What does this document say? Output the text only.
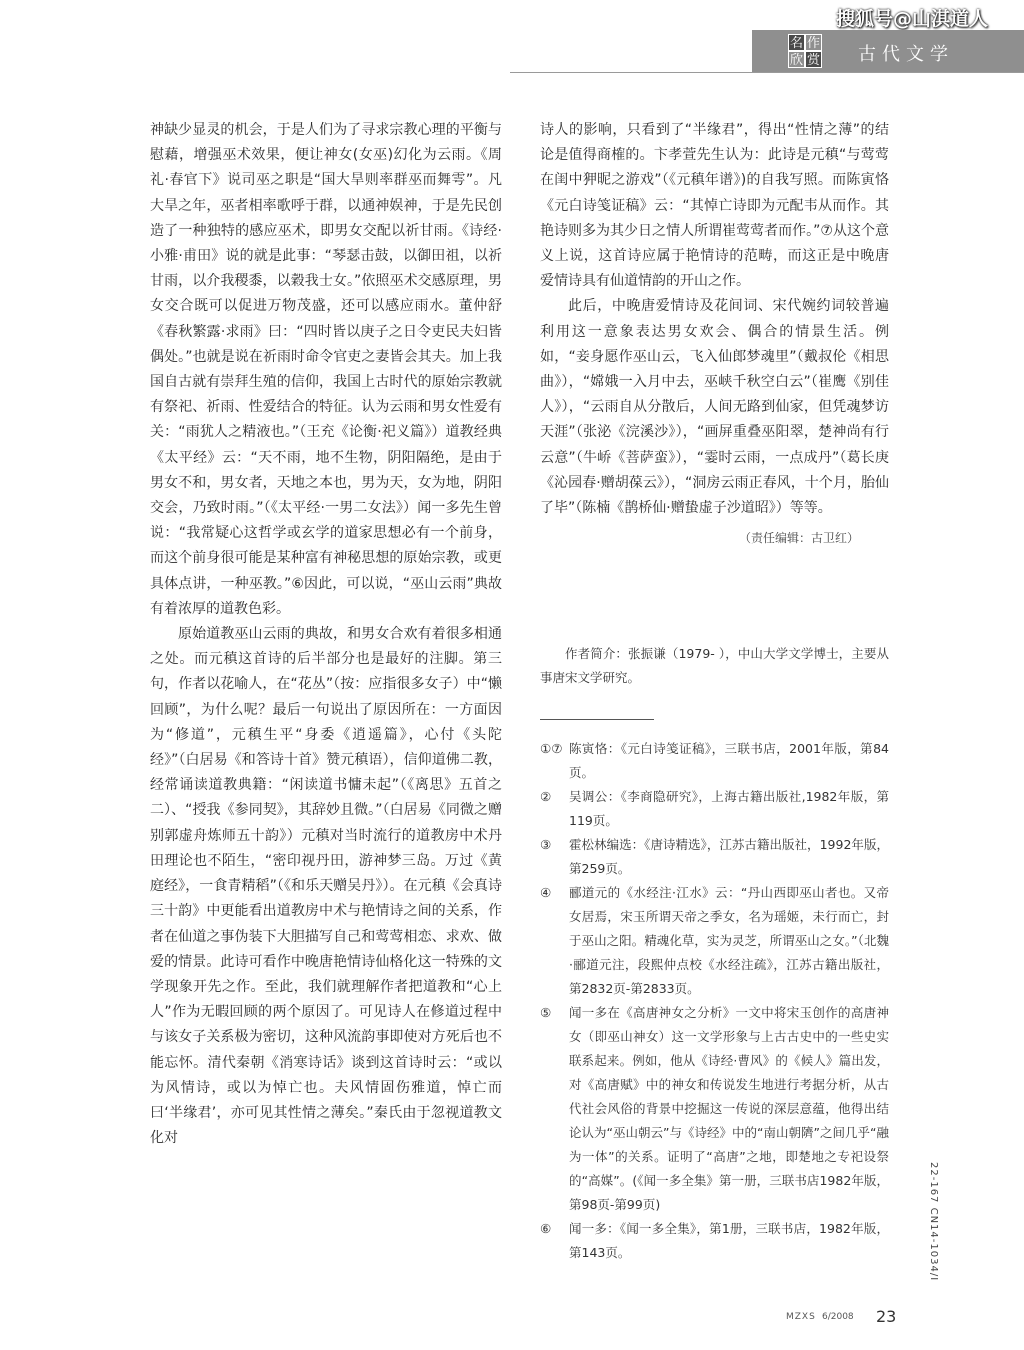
搜狐号@山淇道人
名 作
欣 赏 古代文学

神缺少显灵的机会，于是人们为了寻求宗教心理的平衡与慰藉，增强巫术效果，便让神女(女巫)幻化为云雨。《周礼·春官下》说司巫之职是“国大旱则率群巫而舞雩”。凡大旱之年，巫者相率歌呼于群，以通神娱神，于是先民创造了一种独特的感应巫术，即男女交配以祈甘雨。《诗经·小雅·甫田》说的就是此事：“琴瑟击鼓，以御田祖，以祈甘雨，以介我稷黍，以穀我士女。”依照巫术交感原理，男女交合既可以促进万物茂盛，还可以感应雨水。董仲舒《春秋繁露·求雨》曰：“四时皆以庚子之日令吏民夫妇皆偶处。”也就是说在祈雨时命令官吏之妻皆会其夫。加上我国自古就有崇拜生殖的信仰，我国上古时代的原始宗教就有祭祀、祈雨、性爱结合的特征。认为云雨和男女性爱有关：“雨犹人之精液也。”（王充《论衡·祀义篇》）道教经典《太平经》云：“天不雨，地不生物，阴阳隔绝，是由于男女不和，男女者，天地之本也，男为天，女为地，阴阳交会，乃致时雨。”（《太平经·一男二女法》）闻一多先生曾说：“我常疑心这哲学或玄学的道家思想必有一个前身，而这个前身很可能是某种富有神秘思想的原始宗教，或更具体点讲，一种巫教。”⑥因此，可以说，“巫山云雨”典故有着浓厚的道教色彩。

原始道教巫山云雨的典故，和男女合欢有着很多相通之处。而元稹这首诗的后半部分也是最好的注脚。第三句，作者以花喻人，在“花丛”（按：应指很多女子）中“懒回顾”，为什么呢？最后一句说出了原因所在：一方面因为“修道”，元稹生平“身委《逍遥篇》，心付《头陀经》”（白居易《和答诗十首》赞元稹语），信仰道佛二教，经常诵读道教典籍：“闲读道书慵未起”（《离思》五首之二）、“授我《参同契》，其辞妙且微。”（白居易《同微之赠别郭虚舟炼师五十韵》）元稹对当时流行的道教房中术丹田理论也不陌生，“密印视丹田，游神梦三岛。万过《黄庭经》，一食青精稻”（《和乐天赠吴丹》）。在元稹《会真诗三十韵》中更能看出道教房中术与艳情诗之间的关系，作者在仙道之事伪装下大胆描写自己和莺莺相恋、求欢、做爱的情景。此诗可看作中晚唐艳情诗仙格化这一特殊的文学现象开先之作。至此，我们就理解作者把道教和“心上人”作为无暇回顾的两个原因了。可见诗人在修道过程中与该女子关系极为密切，这种风流韵事即使对方死后也不能忘怀。清代秦朝《消寒诗话》谈到这首诗时云：“或以为风情诗，或以为悼亡也。夫风情固伤雅道，悼亡而曰‘半缘君’，亦可见其性情之薄矣。”秦氏由于忽视道教文化对

诗人的影响，只看到了“半缘君”，得出“性情之薄”的结论是值得商榷的。卞孝萱先生认为：此诗是元稹“与莺莺在闺中狎昵之游戏”（《元稹年谱》)的自我写照。而陈寅恪《元白诗笺证稿》云：“其悼亡诗即为元配韦从而作。其艳诗则多为其少日之情人所谓崔莺莺者而作。”⑦从这个意义上说，这首诗应属于艳情诗的范畴，而这正是中晚唐爱情诗具有仙道情韵的开山之作。

此后，中晚唐爱情诗及花间词、宋代婉约词较普遍利用这一意象表达男女欢会、偶合的情景生活。例如，“妾身愿作巫山云，飞入仙郎梦魂里”（戴叔伦《相思曲》），“嫦娥一入月中去，巫峡千秋空白云”（崔鹰《别佳人》），“云雨自从分散后，人间无路到仙家，但凭魂梦访天涯”（张泌《浣溪沙》），“画屏重叠巫阳翠，楚神尚有行云意”（牛峤《菩萨蛮》），“霎时云雨，一点成丹”（葛长庚《沁园春·赠胡葆云》），“洞房云雨正春风，十个月，胎仙了毕”（陈楠《鹊桥仙·赠蛰虚子沙道昭》）等等。

（责任编辑：古卫红）

作者简介：张振谦（1979- ），中山大学文学博士，主要从事唐宋文学研究。
①⑦ 陈寅恪：《元白诗笺证稿》，三联书店，2001年版，第84页。
②	吴调公：《李商隐研究》，上海古籍出版社,1982年版，第119页。
③	霍松林编选：《唐诗精选》，江苏古籍出版社，1992年版，第259页。
④	郦道元的《水经注·江水》云：“丹山西即巫山者也。又帝女居焉，宋玉所谓天帝之季女，名为瑶姬，未行而亡，封于巫山之阳。精魂化草，实为灵芝，所谓巫山之女。”（北魏·郦道元注，段熙仲点校《水经注疏》，江苏古籍出版社，第2832页-第2833页。
⑤	闻一多在《高唐神女之分析》一文中将宋玉创作的高唐神女（即巫山神女）这一文学形象与上古古史中的一些史实联系起来。例如，他从《诗经·曹风》的《候人》篇出发，对《高唐赋》中的神女和传说发生地进行考据分析，从古代社会风俗的背景中挖掘这一传说的深层意蕴，他得出结论认为“巫山朝云”与《诗经》中的“南山朝隮”之间几乎“融为一体”的关系。证明了“高唐”之地，即楚地之专祀设祭的“高媒”。(《闻一多全集》第一册，三联书店1982年版，第98页-第99页)
⑥	闻一多：《闻一多全集》，第1册，三联书店，1982年版，第143页。	22-167 CN14-1034/I
MZXS 6/2008 23
